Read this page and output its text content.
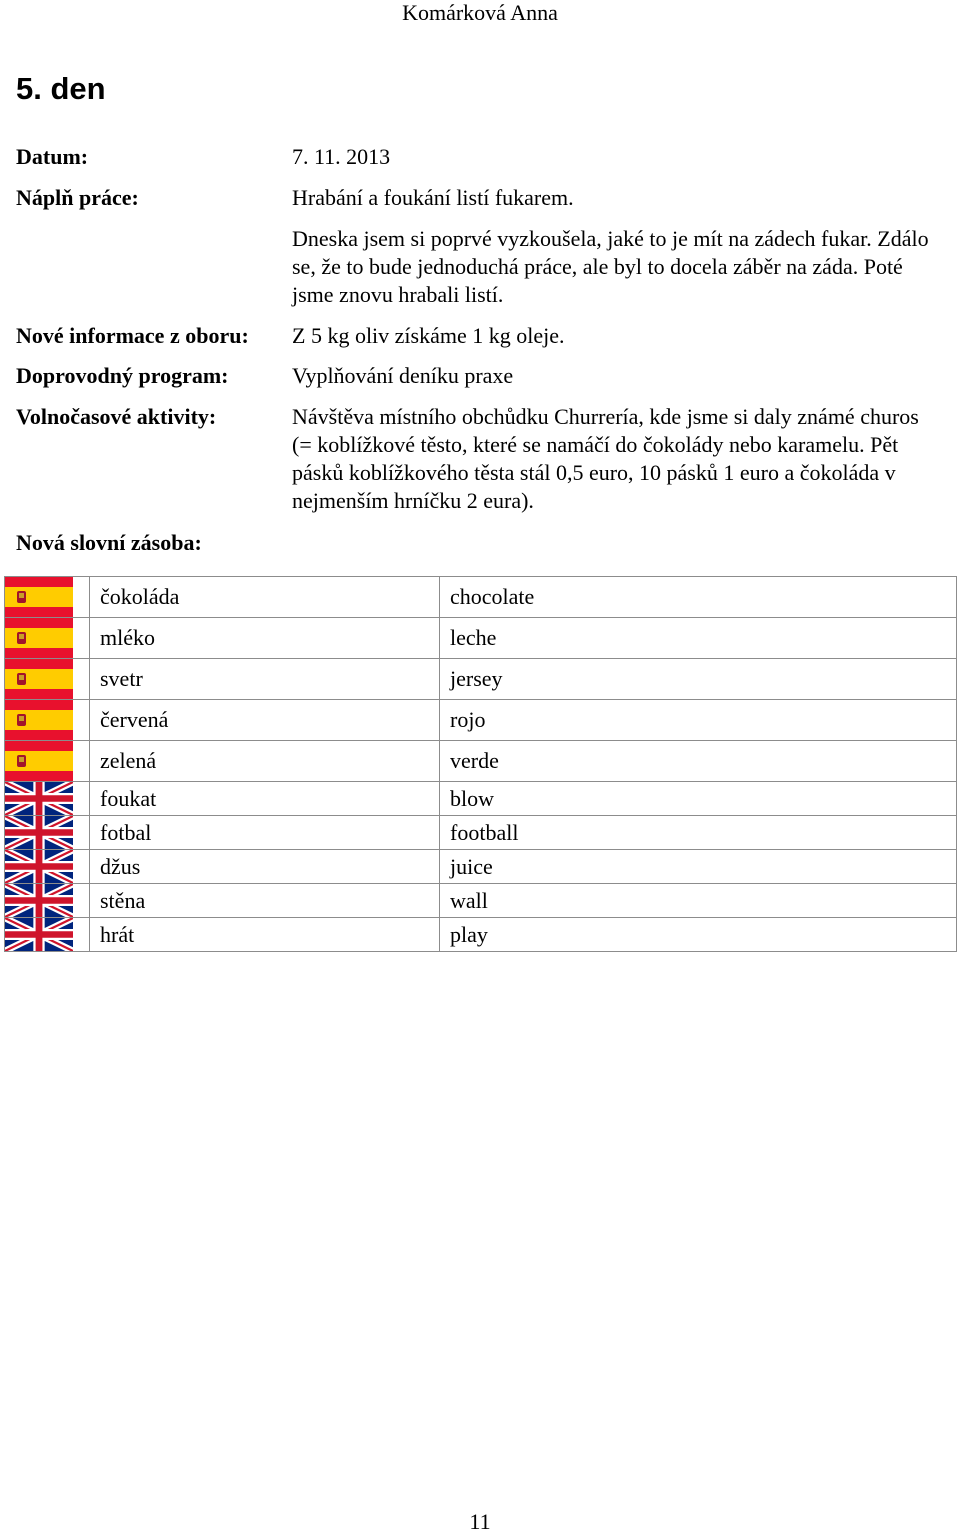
Komárková Anna
5. den
Datum:	7. 11. 2013
Náplň práce:	Hrabání a foukání listí fukarem.
Dneska jsem si poprvé vyzkoušela, jaké to je mít na zádech fukar. Zdálo se, že to bude jednoduchá práce, ale byl to docela záběr na záda. Poté jsme znovu hrabali listí.
Nové informace z oboru: Z 5 kg oliv získáme 1 kg oleje.
Doprovodný program:	Vyplňování deníku praxe
Volnočasové aktivity:	Návštěva místního obchůdku Churrería, kde jsme si daly známé churos (= koblížkové těsto, které se namáčí do čokolády nebo karamelu. Pět pásků koblížkového těsta stál 0,5 euro, 10 pásků 1 euro a čokoláda v nejmenším hrníčku 2 eura).
Nová slovní zásoba:
	čokoláda	chocolate

	mléko	leche

	svetr	jersey

	červená	rojo

	zelená	verde

	foukat	blow

	fotbal	football

	džus	juice

	stěna	wall

	hrát	play
11
